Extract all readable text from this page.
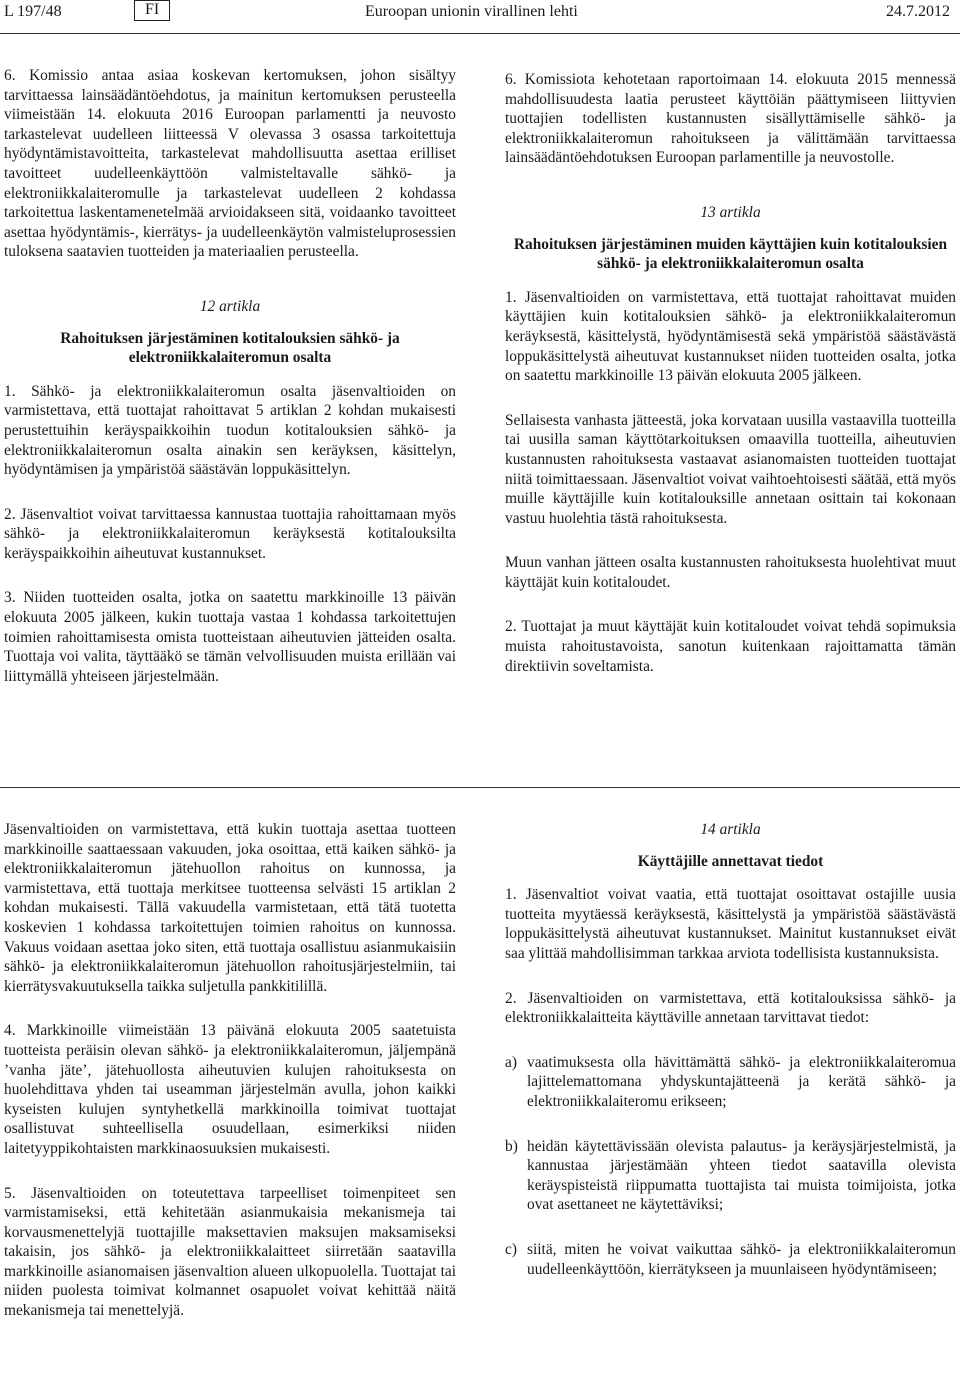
L 197/48	FI	Euroopan unionin virallinen lehti	24.7.2012

6. Komissio antaa asiaa koskevan kertomuksen, johon sisältyy tarvittaessa lainsäädäntöehdotus, ja mainitun kertomuksen perusteella viimeistään 14. elokuuta 2016 Euroopan parlamentti ja neuvosto tarkastelevat uudelleen liitteessä V olevassa 3 osassa tarkoitettuja hyödyntämistavoitteita, tarkastelevat mahdollisuutta asettaa erilliset tavoitteet uudelleenkäyttöön valmisteltavalle sähkö- ja elektroniikkalaiteromulle ja tarkastelevat uudelleen 2 kohdassa tarkoitettua laskentamenetelmää arvioidakseen sitä, voidaanko tavoitteet asettaa hyödyntämis-, kierrätys- ja uudelleenkäytön valmisteluprosessien tuloksena saatavien tuotteiden ja materiaalien perusteella.

12 artikla
Rahoituksen järjestäminen kotitalouksien sähkö- ja elektroniikkalaiteromun osalta

1. Sähkö- ja elektroniikkalaiteromun osalta jäsenvaltioiden on varmistettava, että tuottajat rahoittavat 5 artiklan 2 kohdan mukaisesti perustettuihin keräyspaikkoihin tuodun kotitalouksien sähkö- ja elektroniikkalaiteromun osalta ainakin sen keräyksen, käsittelyn, hyödyntämisen ja ympäristöä säästävän loppukäsittelyn.

2. Jäsenvaltiot voivat tarvittaessa kannustaa tuottajia rahoittamaan myös sähkö- ja elektroniikkalaiteromun keräyksestä kotitalouksilta keräyspaikkoihin aiheutuvat kustannukset.

3. Niiden tuotteiden osalta, jotka on saatettu markkinoille 13 päivän elokuuta 2005 jälkeen, kukin tuottaja vastaa 1 kohdassa tarkoitettujen toimien rahoittamisesta omista tuotteistaan aiheutuvien jätteiden osalta. Tuottaja voi valita, täyttääkö se tämän velvollisuuden muista erillään vai liittymällä yhteiseen järjestelmään.

6. Komissiota kehotetaan raportoimaan 14. elokuuta 2015 mennessä mahdollisuudesta laatia perusteet käyttöiän päättymiseen liittyvien tuottajien todellisten kustannusten sisällyttämiselle sähkö- ja elektroniikkalaiteromun rahoitukseen ja välittämään tarvittaessa lainsäädäntöehdotuksen Euroopan parlamentille ja neuvostolle.

13 artikla
Rahoituksen järjestäminen muiden käyttäjien kuin kotitalouksien sähkö- ja elektroniikkalaiteromun osalta

1. Jäsenvaltioiden on varmistettava, että tuottajat rahoittavat muiden käyttäjien kuin kotitalouksien sähkö- ja elektroniikkalaiteromun keräyksestä, käsittelystä, hyödyntämisestä sekä ympäristöä säästävästä loppukäsittelystä aiheutuvat kustannukset niiden tuotteiden osalta, jotka on saatettu markkinoille 13 päivän elokuuta 2005 jälkeen.

Sellaisesta vanhasta jätteestä, joka korvataan uusilla vastaavilla tuotteilla tai uusilla saman käyttötarkoituksen omaavilla tuotteilla, aiheutuvien kustannusten rahoituksesta vastaavat asianomaisten tuotteiden tuottajat niitä toimittaessaan. Jäsenvaltiot voivat vaihtoehtoisesti säätää, että myös muille käyttäjille kuin kotitalouksille annetaan osittain tai kokonaan vastuu huolehtia tästä rahoituksesta.

Muun vanhan jätteen osalta kustannusten rahoituksesta huolehtivat muut käyttäjät kuin kotitaloudet.

2. Tuottajat ja muut käyttäjät kuin kotitaloudet voivat tehdä sopimuksia muista rahoitustavoista, sanotun kuitenkaan rajoittamatta tämän direktiivin soveltamista.

Jäsenvaltioiden on varmistettava, että kukin tuottaja asettaa tuotteen markkinoille saattaessaan vakuuden, joka osoittaa, että kaiken sähkö- ja elektroniikkalaiteromun jätehuollon rahoitus on kunnossa, ja varmistettava, että tuottaja merkitsee tuotteensa selvästi 15 artiklan 2 kohdan mukaisesti. Tällä vakuudella varmistetaan, että tätä tuotetta koskevien 1 kohdassa tarkoitettujen toimien rahoitus on kunnossa. Vakuus voidaan asettaa joko siten, että tuottaja osallistuu asianmukaisiin sähkö- ja elektroniikkalaiteromun jätehuollon rahoitusjärjestelmiin, tai kierrätysvakuutuksella taikka suljetulla pankkitilillä.

4. Markkinoille viimeistään 13 päivänä elokuuta 2005 saatetuista tuotteista peräisin olevan sähkö- ja elektroniikkalaiteromun, jäljempänä ’vanha jäte’, jätehuollosta aiheutuvien kulujen rahoituksesta on huolehdittava yhden tai useamman järjestelmän avulla, johon kaikki kyseisten kulujen syntyhetkellä markkinoilla toimivat tuottajat osallistuvat suhteellisella osuudellaan, esimerkiksi niiden laitetyyppikohtaisten markkinaosuuksien mukaisesti.

5. Jäsenvaltioiden on toteutettava tarpeelliset toimenpiteet sen varmistamiseksi, että kehitetään asianmukaisia mekanismeja tai korvausmenettelyjä tuottajille maksettavien maksujen maksamiseksi takaisin, jos sähkö- ja elektroniikkalaitteet siirretään saatavilla markkinoille asianomaisen jäsenvaltion alueen ulkopuolella. Tuottajat tai niiden puolesta toimivat kolmannet osapuolet voivat kehittää näitä mekanismeja tai menettelyjä.

14 artikla
Käyttäjille annettavat tiedot

1. Jäsenvaltiot voivat vaatia, että tuottajat osoittavat ostajille uusia tuotteita myytäessä keräyksestä, käsittelystä ja ympäristöä säästävästä loppukäsittelystä aiheutuvat kustannukset. Mainitut kustannukset eivät saa ylittää mahdollisimman tarkkaa arviota todellisista kustannuksista.

2. Jäsenvaltioiden on varmistettava, että kotitalouksissa sähkö- ja elektroniikkalaitteita käyttäville annetaan tarvittavat tiedot:

a) vaatimuksesta olla hävittämättä sähkö- ja elektroniikkalaiteromua lajittelemattomana yhdyskuntajätteenä ja kerätä sähkö- ja elektroniikkalaiteromu erikseen;
b) heidän käytettävissään olevista palautus- ja keräysjärjestelmistä, ja kannustaa järjestämään yhteen tiedot saatavilla olevista keräyspisteistä riippumatta tuottajista tai muista toimijoista, jotka ovat asettaneet ne käytettäviksi;
c) siitä, miten he voivat vaikuttaa sähkö- ja elektroniikkalaiteromun uudelleenkäyttöön, kierrätykseen ja muunlaiseen hyödyntämiseen;
